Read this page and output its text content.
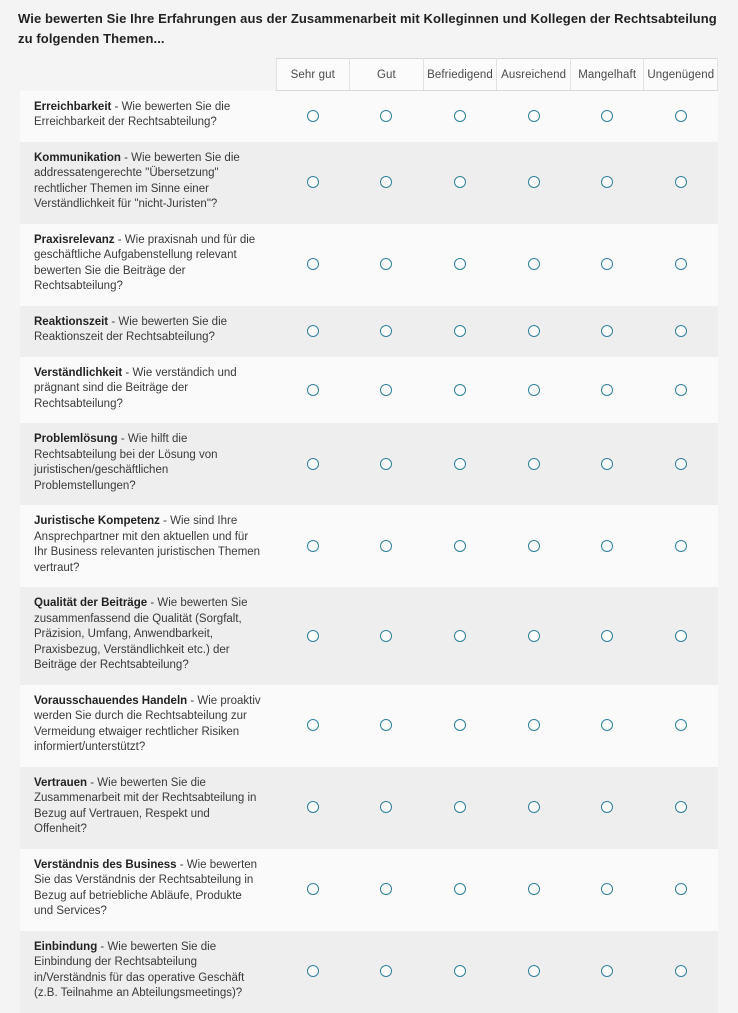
Wie bewerten Sie Ihre Erfahrungen aus der Zusammenarbeit mit Kolleginnen und Kollegen der Rechtsabteilung zu folgenden Themen...
	Sehr gut	Gut	Befriedigend	Ausreichend	Mangelhaft	Ungenügend
Erreichbarkeit - Wie bewerten Sie die Erreichbarkeit der Rechtsabteilung?						
Kommunikation - Wie bewerten Sie die addressatengerechte "Übersetzung" rechtlicher Themen im Sinne einer Verständlichkeit für "nicht-Juristen"?						
Praxisrelevanz - Wie praxisnah und für die geschäftliche Aufgabenstellung relevant bewerten Sie die Beiträge der Rechtsabteilung?						
Reaktionszeit - Wie bewerten Sie die Reaktionszeit der Rechtsabteilung?						
Verständlichkeit - Wie verständich und prägnant sind die Beiträge der Rechtsabteilung?						
Problemlösung - Wie hilft die Rechtsabteilung bei der Lösung von juristischen/geschäftlichen Problemstellungen?						
Juristische Kompetenz - Wie sind Ihre Ansprechpartner mit den aktuellen und für Ihr Business relevanten juristischen Themen vertraut?						
Qualität der Beiträge - Wie bewerten Sie zusammenfassend die Qualität (Sorgfalt, Präzision, Umfang, Anwendbarkeit, Praxisbezug, Verständlichkeit etc.) der Beiträge der Rechtsabteilung?						
Vorausschauendes Handeln - Wie proaktiv werden Sie durch die Rechtsabteilung zur Vermeidung etwaiger rechtlicher Risiken informiert/unterstützt?						
Vertrauen - Wie bewerten Sie die Zusammenarbeit mit der Rechtsabteilung in Bezug auf Vertrauen, Respekt und Offenheit?						
Verständnis des Business - Wie bewerten Sie das Verständnis der Rechtsabteilung in Bezug auf betriebliche Abläufe, Produkte und Services?						
Einbindung - Wie bewerten Sie die Einbindung der Rechtsabteilung in/Verständnis für das operative Geschäft (z.B. Teilnahme an Abteilungsmeetings)?						
